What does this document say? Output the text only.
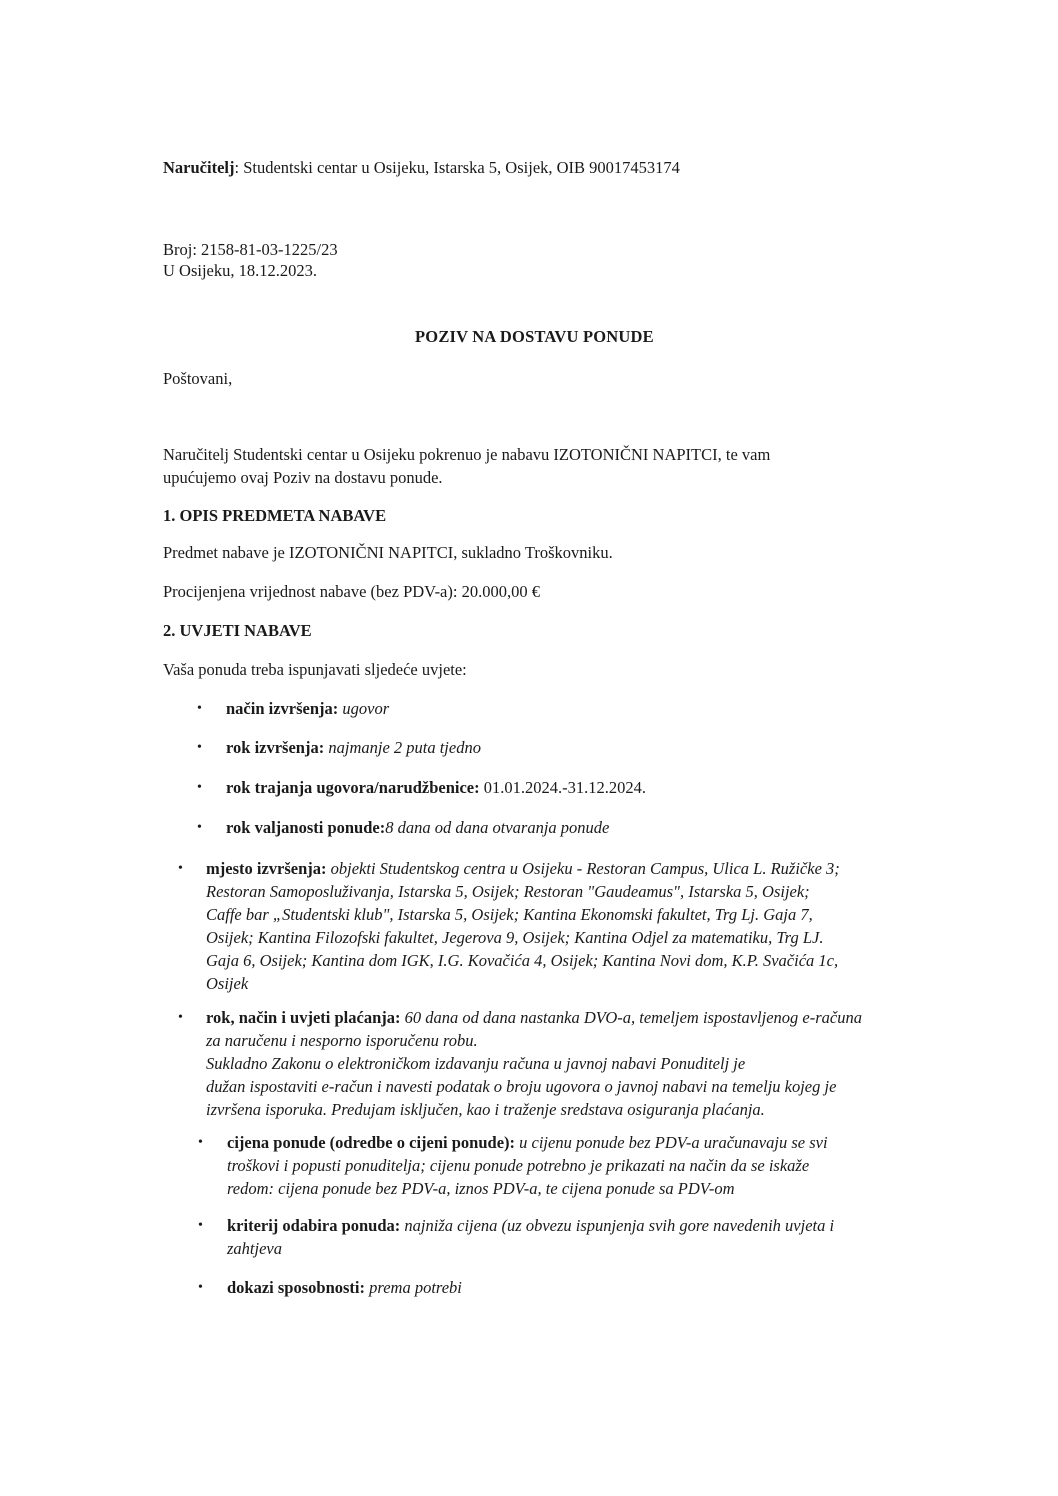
Naručitelj: Studentski centar u Osijeku, Istarska 5, Osijek, OIB 90017453174
Broj: 2158-81-03-1225/23
U Osijeku, 18.12.2023.
POZIV NA DOSTAVU PONUDE
Poštovani,
Naručitelj Studentski centar u Osijeku pokrenuo je nabavu IZOTONIČNI NAPITCI, te vam
upućujemo ovaj Poziv na dostavu ponude.
1. OPIS PREDMETA NABAVE
Predmet nabave je IZOTONIČNI NAPITCI, sukladno Troškovniku.
Procijenjena vrijednost nabave (bez PDV-a): 20.000,00 €
2. UVJETI NABAVE
Vaša ponuda treba ispunjavati sljedeće uvjete:
• način izvršenja: ugovor
• rok izvršenja: najmanje 2 puta tjedno
• rok trajanja ugovora/narudžbenice: 01.01.2024.-31.12.2024.
• rok valjanosti ponude:8 dana od dana otvaranja ponude
• mjesto izvršenja: objekti Studentskog centra u Osijeku - Restoran Campus, Ulica L. Ružičke 3;
Restoran Samoposluživanja, Istarska 5, Osijek; Restoran "Gaudeamus", Istarska 5, Osijek;
Caffe bar „Studentski klub", Istarska 5, Osijek; Kantina Ekonomski fakultet, Trg Lj. Gaja 7,
Osijek; Kantina Filozofski fakultet, Jegerova 9, Osijek; Kantina Odjel za matematiku, Trg LJ.
Gaja 6, Osijek; Kantina dom IGK, I.G. Kovačića 4, Osijek; Kantina Novi dom, K.P. Svačića 1c,
Osijek
• rok, način i uvjeti plaćanja: 60 dana od dana nastanka DVO-a, temeljem ispostavljenog e-računa
za naručenu i nesporno isporučenu robu.
Sukladno Zakonu o elektroničkom izdavanju računa u javnoj nabavi Ponuditelj je
dužan ispostaviti e-račun i navesti podatak o broju ugovora o javnoj nabavi na temelju kojeg je
izvršena isporuka. Predujam isključen, kao i traženje sredstava osiguranja plaćanja.
• cijena ponude (odredbe o cijeni ponude): u cijenu ponude bez PDV-a uračunavaju se svi
troškovi i popusti ponuditelja; cijenu ponude potrebno je prikazati na način da se iskaže
redom: cijena ponude bez PDV-a, iznos PDV-a, te cijena ponude sa PDV-om
• kriterij odabira ponuda: najniža cijena (uz obvezu ispunjenja svih gore navedenih uvjeta i
zahtjeva
• dokazi sposobnosti: prema potrebi
